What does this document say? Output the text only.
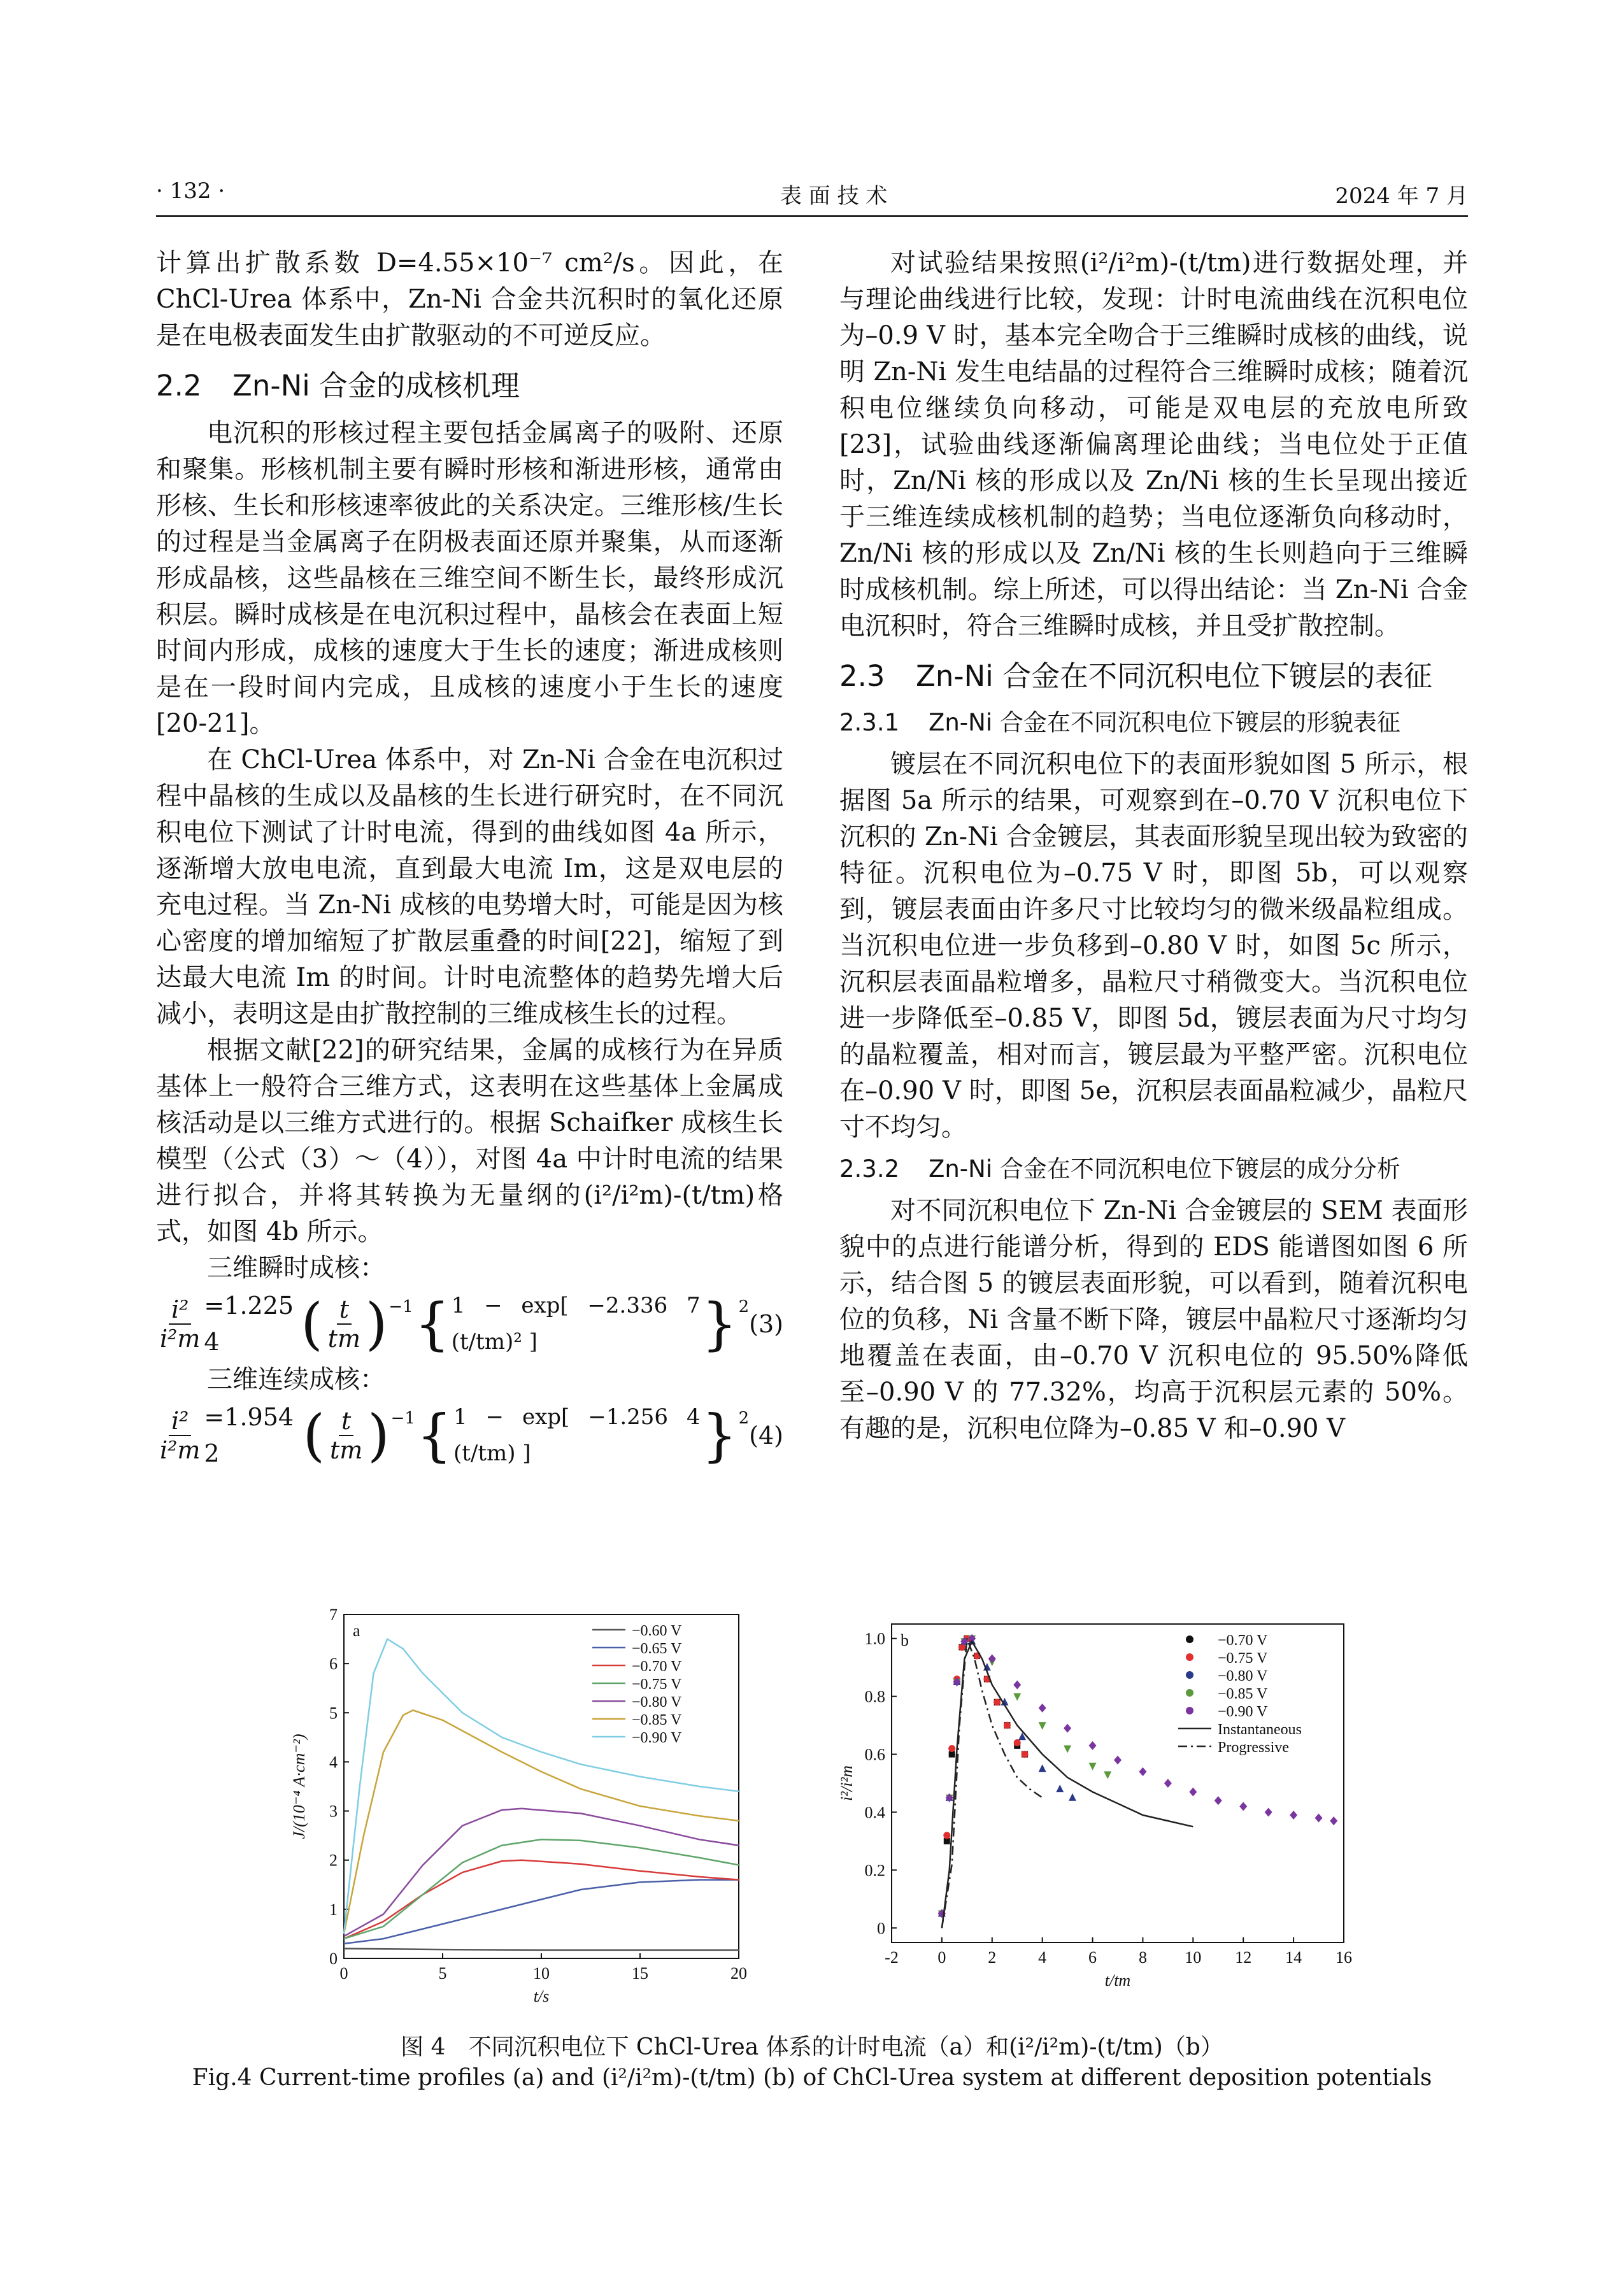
· 132 ·	表 面 技 术	2024 年 7 月

计算出扩散系数 D=4.55×10⁻⁷ cm²/s。因此，在 ChCl-Urea 体系中，Zn-Ni 合金共沉积时的氧化还原是在电极表面发生由扩散驱动的不可逆反应。

2.2	Zn-Ni 合金的成核机理

电沉积的形核过程主要包括金属离子的吸附、还原和聚集。形核机制主要有瞬时形核和渐进形核，通常由形核、生长和形核速率彼此的关系决定。三维形核/生长的过程是当金属离子在阴极表面还原并聚集，从而逐渐形成晶核，这些晶核在三维空间不断生长，最终形成沉积层。瞬时成核是在电沉积过程中，晶核会在表面上短时间内形成，成核的速度大于生长的速度；渐进成核则是在一段时间内完成，且成核的速度小于生长的速度[20-21]。

在 ChCl-Urea 体系中，对 Zn-Ni 合金在电沉积过程中晶核的生成以及晶核的生长进行研究时，在不同沉积电位下测试了计时电流，得到的曲线如图 4a 所示，逐渐增大放电电流，直到最大电流 Im，这是双电层的充电过程。当 Zn-Ni 成核的电势增大时，可能是因为核心密度的增加缩短了扩散层重叠的时间[22]，缩短了到达最大电流 Im 的时间。计时电流整体的趋势先增大后减小，表明这是由扩散控制的三维成核生长的过程。

根据文献[22]的研究结果，金属的成核行为在异质基体上一般符合三维方式，这表明在这些基体上金属成核活动是以三维方式进行的。根据 Schaifker 成核生长模型（公式（3）～（4）），对图 4a 中计时电流的结果进行拟合，并将其转换为无量纲的(i²/i²m)-(t/tm)格式，如图 4b 所示。

三维瞬时成核：

$\frac{\text{i²}}{\text{i²m}} =1.225$ 4	( $\frac{t}{tm} )^{-1}$ { 1 − exp[ −2.336 7 (t/tm)² ]	}$^2$
(3)

三维连续成核：

$\frac{\text{i²}}{\text{i²m}} =1.954$ 2	( $\frac{t}{tm} )^{-1}$ { 1 − exp[ −1.256 4 (t/tm) ]	}$^2$
(4)

对试验结果按照(i²/i²m)-(t/tm)进行数据处理，并与理论曲线进行比较，发现：计时电流曲线在沉积电位为–0.9 V 时，基本完全吻合于三维瞬时成核的曲线，说明 Zn-Ni 发生电结晶的过程符合三维瞬时成核；随着沉积电位继续负向移动，可能是双电层的充放电所致[23]，试验曲线逐渐偏离理论曲线；当电位处于正值时，Zn/Ni 核的形成以及 Zn/Ni 核的生长呈现出接近于三维连续成核机制的趋势；当电位逐渐负向移动时，Zn/Ni 核的形成以及 Zn/Ni 核的生长则趋向于三维瞬时成核机制。综上所述，可以得出结论：当 Zn-Ni 合金电沉积时，符合三维瞬时成核，并且受扩散控制。

2.3	Zn-Ni 合金在不同沉积电位下镀层的表征
2.3.1	Zn-Ni 合金在不同沉积电位下镀层的形貌表征

镀层在不同沉积电位下的表面形貌如图 5 所示，根据图 5a 所示的结果，可观察到在–0.70 V 沉积电位下沉积的 Zn-Ni 合金镀层，其表面形貌呈现出较为致密的特征。沉积电位为–0.75 V 时，即图 5b，可以观察到，镀层表面由许多尺寸比较均匀的微米级晶粒组成。当沉积电位进一步负移到–0.80 V 时，如图 5c 所示，沉积层表面晶粒增多，晶粒尺寸稍微变大。当沉积电位进一步降低至–0.85 V，即图 5d，镀层表面为尺寸均匀的晶粒覆盖，相对而言，镀层最为平整严密。沉积电位在–0.90 V 时，即图 5e，沉积层表面晶粒减少，晶粒尺寸不均匀。

2.3.2	Zn-Ni 合金在不同沉积电位下镀层的成分分析

对不同沉积电位下 Zn-Ni 合金镀层的 SEM 表面形貌中的点进行能谱分析，得到的 EDS 能谱图如图 6 所示，结合图 5 的镀层表面形貌，可以看到，随着沉积电位的负移，Ni 含量不断下降，镀层中晶粒尺寸逐渐均匀地覆盖在表面，由–0.70 V 沉积电位的 95.50%降低至–0.90 V 的 77.32%，均高于沉积层元素的 50%。有趣的是，沉积电位降为–0.85 V 和–0.90 V

0	5	10	15	20
0
1
2
3
4
5
6
7
t/s
J/(10⁻⁴ A·cm⁻²)
a	−0.60 V
−0.65 V
−0.70 V
−0.75 V
−0.80 V
−0.85 V
−0.90 V
-2 0	2	4	6	8 10 12 14 16
0
0.2
0.4
0.6
0.8
1.0
t/tm
i²/i²m
b	−0.70 V
−0.75 V
−0.80 V
−0.85 V
−0.90 V
Instantaneous
Progressive
图 4　不同沉积电位下 ChCl-Urea 体系的计时电流（a）和(i²/i²m)-(t/tm)（b）
Fig.4 Current-time profiles (a) and (i²/i²m)-(t/tm) (b) of ChCl-Urea system at different deposition potentials
